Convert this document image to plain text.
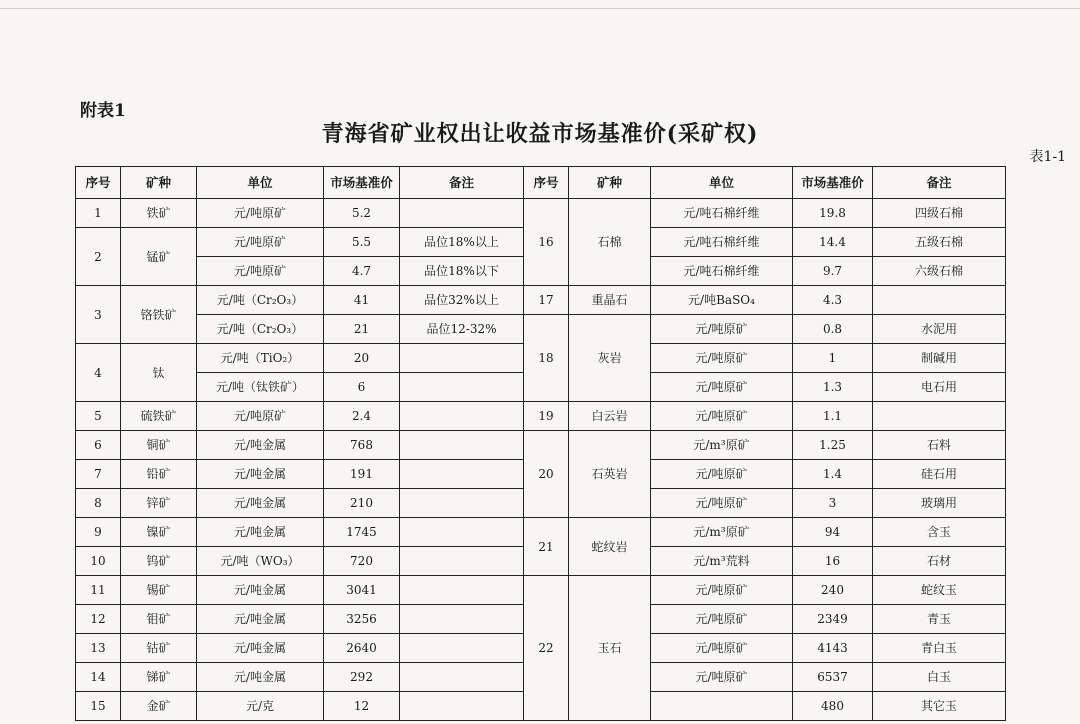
附表1
青海省矿业权出让收益市场基准价(采矿权)
表1-1
序号	矿种	单位	市场基准价	备注	序号	矿种	单位	市场基准价	备注
1	铁矿	元/吨原矿	5.2		16	石棉	元/吨石棉纤维	19.8	四级石棉
2	锰矿	元/吨原矿	5.5	品位18%以上			元/吨石棉纤维	14.4	五级石棉
		元/吨原矿	4.7	品位18%以下			元/吨石棉纤维	9.7	六级石棉
3	铬铁矿	元/吨（Cr₂O₃）	41	品位32%以上	17	重晶石	元/吨BaSO₄	4.3	
		元/吨（Cr₂O₃）	21	品位12-32%	18	灰岩	元/吨原矿	0.8	水泥用
4	钛	元/吨（TiO₂）	20				元/吨原矿	1	制碱用
		元/吨（钛铁矿）	6				元/吨原矿	1.3	电石用
5	硫铁矿	元/吨原矿	2.4		19	白云岩	元/吨原矿	1.1	
6	铜矿	元/吨金属	768		20	石英岩	元/m³原矿	1.25	石料
7	铅矿	元/吨金属	191				元/吨原矿	1.4	硅石用
8	锌矿	元/吨金属	210				元/吨原矿	3	玻璃用
9	镍矿	元/吨金属	1745		21	蛇纹岩	元/m³原矿	94	含玉
10	钨矿	元/吨（WO₃）	720				元/m³荒料	16	石材
11	锡矿	元/吨金属	3041		22	玉石	元/吨原矿	240	蛇纹玉
12	钼矿	元/吨金属	3256				元/吨原矿	2349	青玉
13	钴矿	元/吨金属	2640				元/吨原矿	4143	青白玉
14	锑矿	元/吨金属	292				元/吨原矿	6537	白玉
15	金矿	元/克	12					480	其它玉
